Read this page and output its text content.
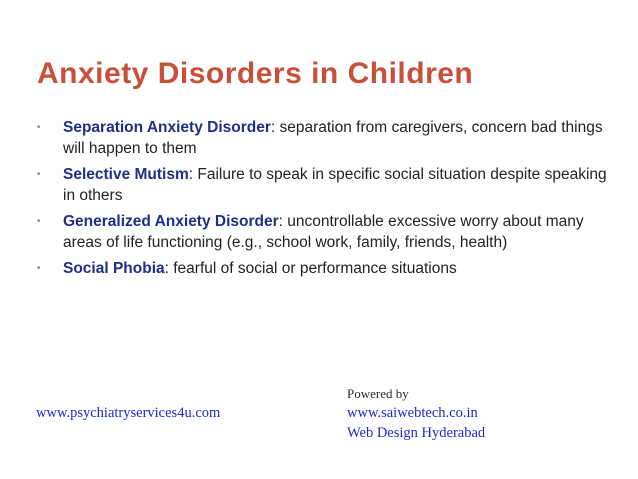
Anxiety Disorders in Children
•	Separation Anxiety Disorder: separation from caregivers, concern bad things will happen to them
•	Selective Mutism: Failure to speak in specific social situation despite speaking in others
•	Generalized Anxiety Disorder: uncontrollable excessive worry about many areas of life functioning (e.g., school work, family, friends, health)
•	Social Phobia: fearful of social or performance situations
www.psychiatryservices4u.com
Powered by
www.saiwebtech.co.in
Web Design Hyderabad
